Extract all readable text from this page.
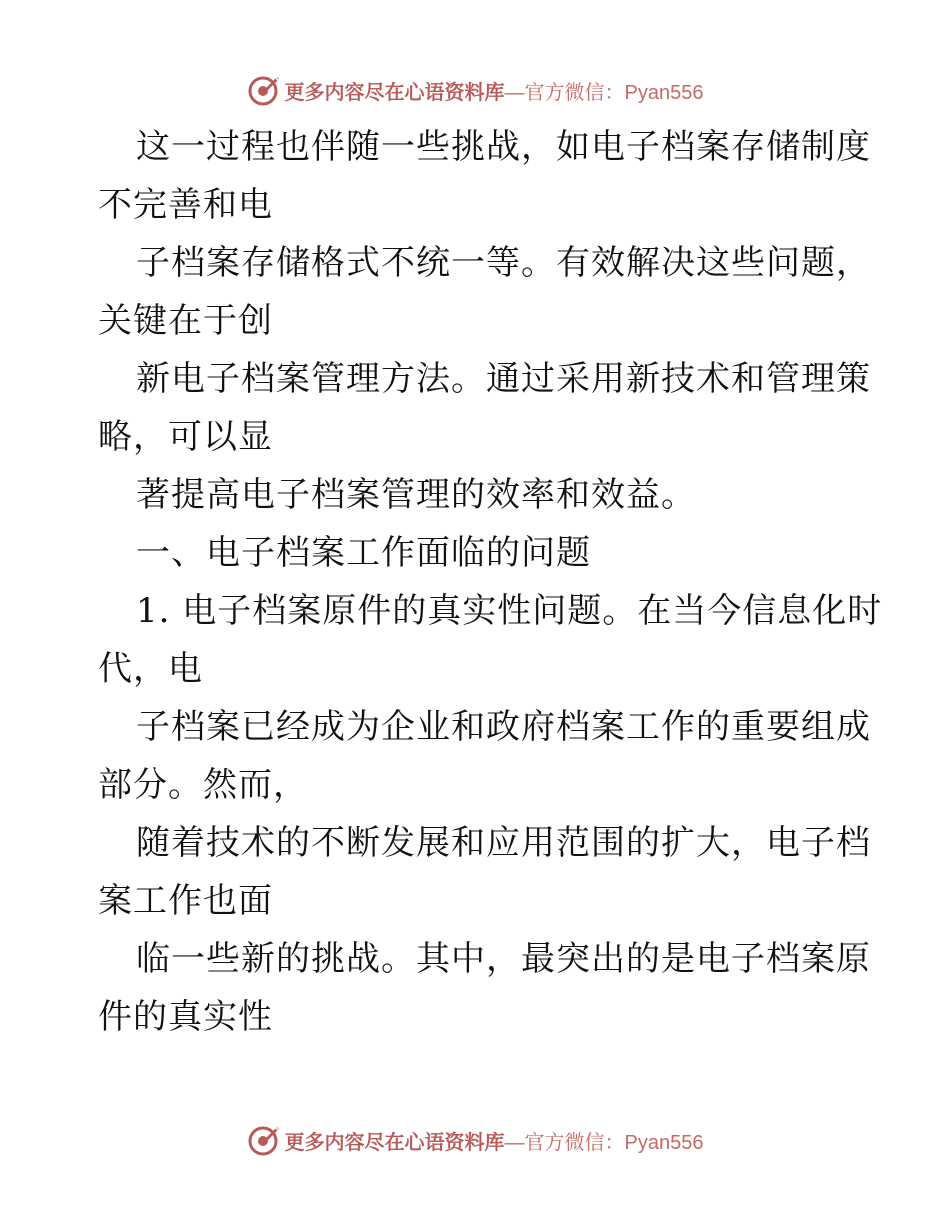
更多内容尽在心语资料库 —官方微信：Pyan556
这一过程也伴随一些挑战，如电子档案存储制度
不完善和电
子档案存储格式不统一等。有效解决这些问题，
关键在于创
新电子档案管理方法。通过采用新技术和管理策
略，可以显
著提高电子档案管理的效率和效益。
一、电子档案工作面临的问题
1. 电子档案原件的真实性问题。在当今信息化时
代，电
子档案已经成为企业和政府档案工作的重要组成
部分。然而，
随着技术的不断发展和应用范围的扩大，电子档
案工作也面
临一些新的挑战。其中，最突出的是电子档案原
件的真实性
更多内容尽在心语资料库 —官方微信：Pyan556
